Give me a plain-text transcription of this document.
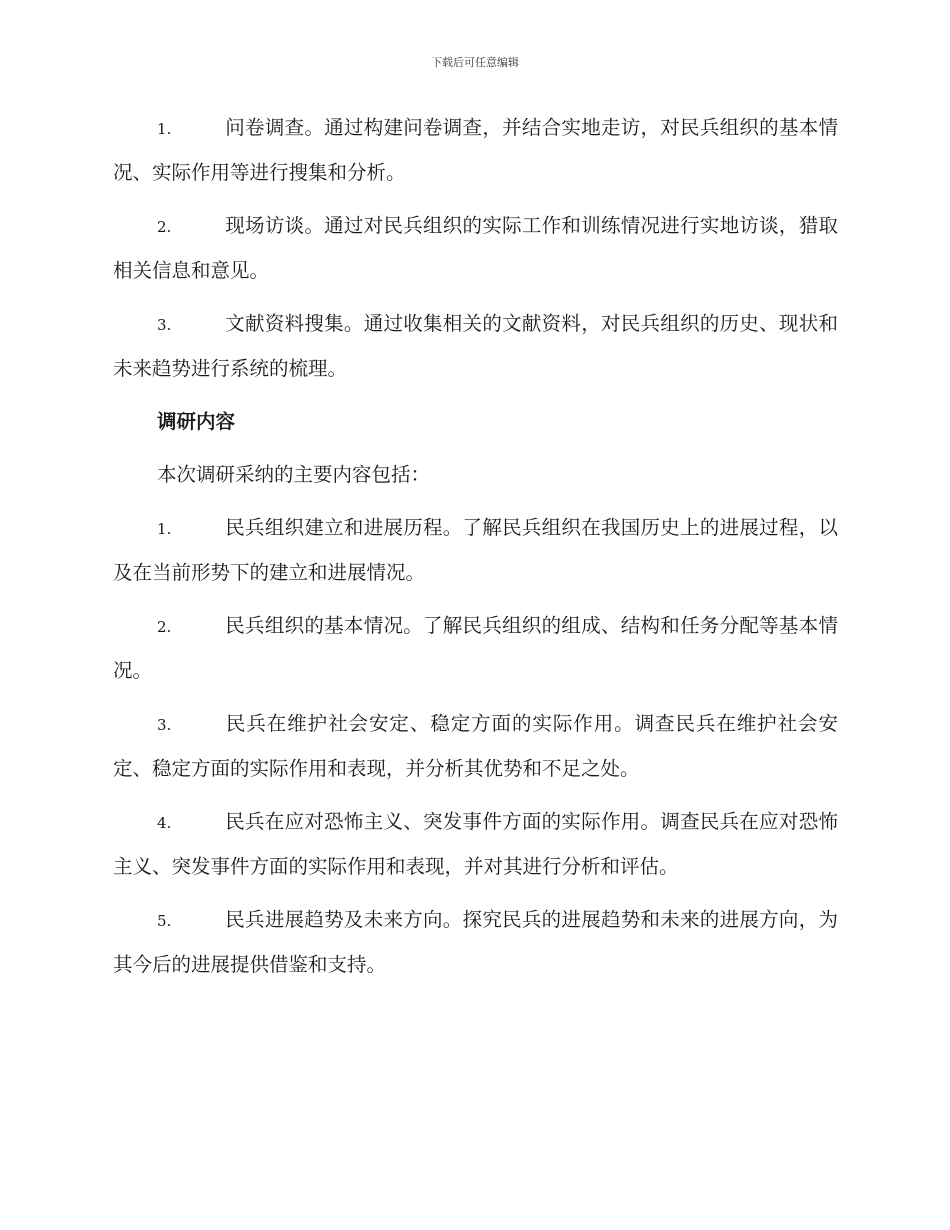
下载后可任意编辑

1.	问卷调查。通过构建问卷调查，并结合实地走访，对民兵组织的基本情况、实际作用等进行搜集和分析。

2.	现场访谈。通过对民兵组织的实际工作和训练情况进行实地访谈，猎取相关信息和意见。

3.	文献资料搜集。通过收集相关的文献资料，对民兵组织的历史、现状和未来趋势进行系统的梳理。

调研内容

本次调研采纳的主要内容包括：

1.	民兵组织建立和进展历程。了解民兵组织在我国历史上的进展过程，以及在当前形势下的建立和进展情况。

2.	民兵组织的基本情况。了解民兵组织的组成、结构和任务分配等基本情况。

3.	民兵在维护社会安定、稳定方面的实际作用。调查民兵在维护社会安定、稳定方面的实际作用和表现，并分析其优势和不足之处。

4.	民兵在应对恐怖主义、突发事件方面的实际作用。调查民兵在应对恐怖主义、突发事件方面的实际作用和表现，并对其进行分析和评估。

5.	民兵进展趋势及未来方向。探究民兵的进展趋势和未来的进展方向，为其今后的进展提供借鉴和支持。
